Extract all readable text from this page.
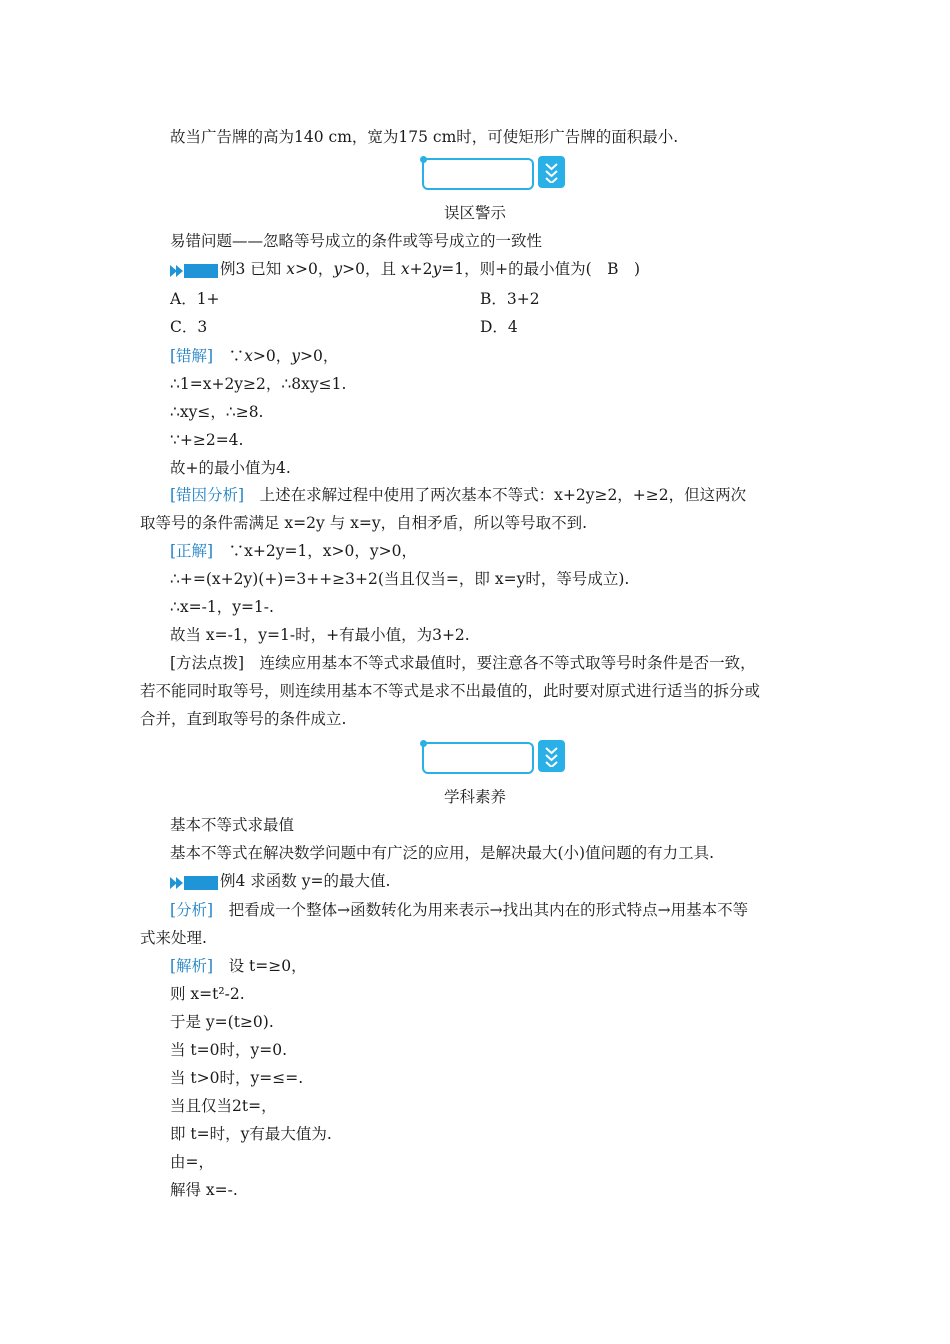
故当广告牌的高为140 cm，宽为175 cm时，可使矩形广告牌的面积最小.
误区警示
易错问题——忽略等号成立的条件或等号成立的一致性
例3 已知 x>0，y>0，且 x+2y=1，则+的最小值为(　B　)
A．1+	B．3+2
C．3	D．4
[错解]　∵x>0，y>0，
∴1=x+2y≥2，∴8xy≤1.
∴xy≤，∴≥8.
∵+≥2=4.
故+的最小值为4.
[错因分析]　上述在求解过程中使用了两次基本不等式：x+2y≥2，+≥2，但这两次
取等号的条件需满足 x=2y 与 x=y，自相矛盾，所以等号取不到.
[正解]　∵x+2y=1，x>0，y>0，
∴+=(x+2y)(+)=3++≥3+2(当且仅当=，即 x=y时，等号成立).
∴x=-1，y=1-.
故当 x=-1，y=1-时，+有最小值，为3+2.
[方法点拨]　连续应用基本不等式求最值时，要注意各不等式取等号时条件是否一致，
若不能同时取等号，则连续用基本不等式是求不出最值的，此时要对原式进行适当的拆分或
合并，直到取等号的条件成立.
学科素养
基本不等式求最值
基本不等式在解决数学问题中有广泛的应用，是解决最大(小)值问题的有力工具.
例4 求函数 y=的最大值.
[分析]　把看成一个整体→函数转化为用来表示→找出其内在的形式特点→用基本不等
式来处理.
[解析]　设 t=≥0，
则 x=t²-2.
于是 y=(t≥0).
当 t=0时，y=0.
当 t>0时，y=≤=.
当且仅当2t=，
即 t=时，y有最大值为.
由=，
解得 x=-.
